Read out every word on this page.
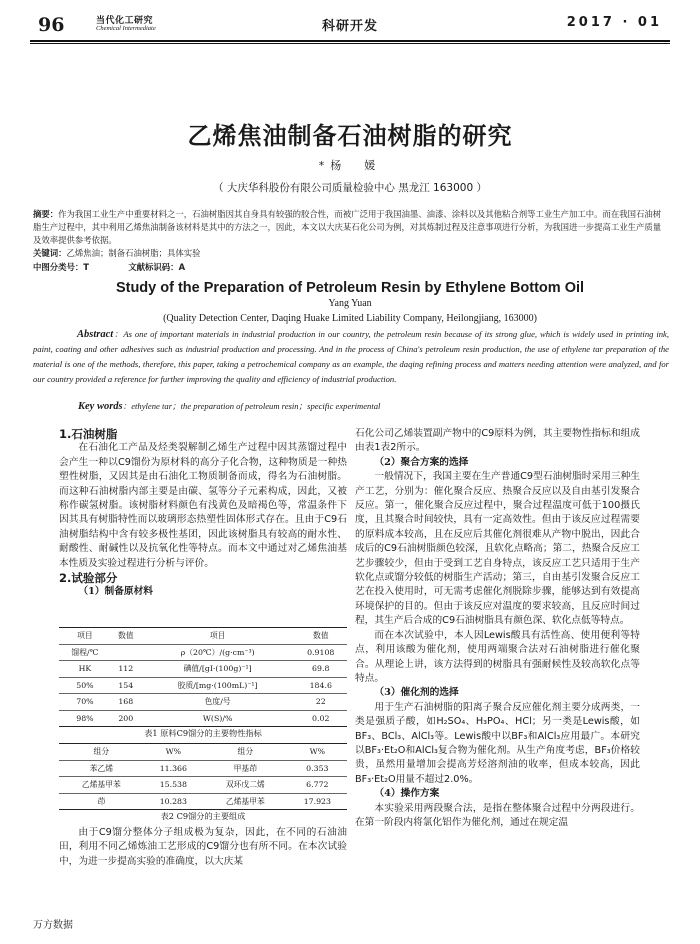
96	当代化工研究
Chemical Intermediate	科研开发	2017 · 01
乙烯焦油制备石油树脂的研究
*杨　媛
（ 大庆华科股份有限公司质量检验中心 黑龙江 163000 ）
摘要：作为我国工业生产中重要材料之一，石油树脂因其自身具有较强的胶合性，而被广泛用于我国油墨、油漆、涂料以及其他粘合剂等工业生产加工中。而在我国石油树脂生产过程中，其中利用乙烯焦油制备该材料是其中的方法之一，因此，本文以大庆某石化公司为例，对其炼制过程及注意事项进行分析，为我国进一步提高工业生产质量及效率提供参考依据。
关键词：乙烯焦油；制备石油树脂；具体实验
中图分类号：T	文献标识码：A
Study of the Preparation of Petroleum Resin by Ethylene Bottom Oil
Yang Yuan
(Quality Detection Center, Daqing Huake Limited Liability Company, Heilongjiang, 163000)
Abstract：As one of important materials in industrial production in our country, the petroleum resin because of its strong glue, which is widely used in printing ink, paint, coating and other adhesives such as industrial production and processing. And in the process of China's petroleum resin production, the use of ethylene tar preparation of the material is one of the methods, therefore, this paper, taking a petrochemical company as an example, the daqing refining process and matters needing attention were analyzed, and for our country provided a reference for further improving the quality and efficiency of industrial production.
Key words：ethylene tar；the preparation of petroleum resin；specific experimental
1.石油树脂

在石油化工产品及烃类裂解制乙烯生产过程中因其蒸馏过程中会产生一种以C9馏份为原材料的高分子化合物，这种物质是一种热塑性树脂，又因其是由石油化工物质制备而成，得名为石油树脂。而这种石油树脂内部主要是由碳、氢等分子元素构成，因此，又被称作碳氢树脂。该树脂材料颜色有浅黄色及暗褐色等，常温条件下因其具有树脂特性而以玻璃形态热塑性固体形式存在。且由于C9石油树脂结构中含有较多极性基团，因此该树脂具有较高的耐水性、耐酸性、耐碱性以及抗氧化性等特点。而本文中通过对乙烯焦油基本性质及实验过程进行分析与评价。

2.试验部分
（1）制备原材料
项目	数值	项目	数值
馏程/℃		ρ（20℃）/(g·cm⁻³)	0.9108
HK	112	碘值/[gI·(100g)⁻¹]	69.8
50%	154	胶质/[mg·(100mL)⁻¹]	184.6
70%	168	色度/号	22
98%	200	W(S)/%	0.02
表1 原料C9馏分的主要物性指标
组分	W%	组分	W%
苯乙烯	11.366	甲基茚	0.353
乙烯基甲苯	15.538	双环戊二烯	6.772
茚	10.283	乙烯基甲苯	17.923
表2 C9馏分的主要组成

由于C9馏分整体分子组成极为复杂，因此，在不同的石油油田，利用不同乙烯炼油工艺形成的C9馏分也有所不同。在本次试验中，为进一步提高实验的准确度，以大庆某

石化公司乙烯装置副产物中的C9原料为例，其主要物性指标和组成由表1表2所示。
（2）聚合方案的选择

一般情况下，我国主要在生产普通C9型石油树脂时采用三种生产工艺，分别为：催化聚合反应、热聚合反应以及自由基引发聚合反应。第一，催化聚合反应过程中，聚合过程温度可低于100摄氏度，且其聚合时间较快，具有一定高效性。但由于该反应过程需要的原料成本较高，且在反应后其催化剂很难从产物中脱出，因此合成后的C9石油树脂颜色较深，且软化点略高；第二，热聚合反应工艺步骤较少，但由于受到工艺自身特点，该反应工艺只适用于生产软化点或馏分较低的树脂生产活动；第三，自由基引发聚合反应工艺在投入使用时，可无需考虑催化剂脱除步骤，能够达到有效提高环境保护的目的。但由于该反应对温度的要求较高，且反应时间过程，其生产后合成的C9石油树脂具有颜色深、软化点低等特点。

而在本次试验中，本人因Lewis酸具有活性高、使用便利等特点，利用该酸为催化剂，使用两端聚合法对石油树脂进行催化聚合。从理论上讲，该方法得到的树脂具有强耐候性及较高软化点等特点。

（3）催化剂的选择

用于生产石油树脂的阳离子聚合反应催化剂主要分成两类，一类是强质子酸，如H₂SO₄、H₃PO₄、HCl；另一类是Lewis酸，如BF₃、BCl₃、AlCl₃等。Lewis酸中以BF₃和AlCl₃应用最广。本研究以BF₃·Et₂O和AlCl₃复合物为催化剂。从生产角度考虑，BF₃价格较贵，虽然用量增加会提高芳烃溶剂油的收率，但成本较高，因此BF₃·Et₂O用量不超过2.0%。

（4）操作方案

本实验采用两段聚合法，是指在整体聚合过程中分两段进行。在第一阶段内将氯化铝作为催化剂，通过在规定温

万方数据
